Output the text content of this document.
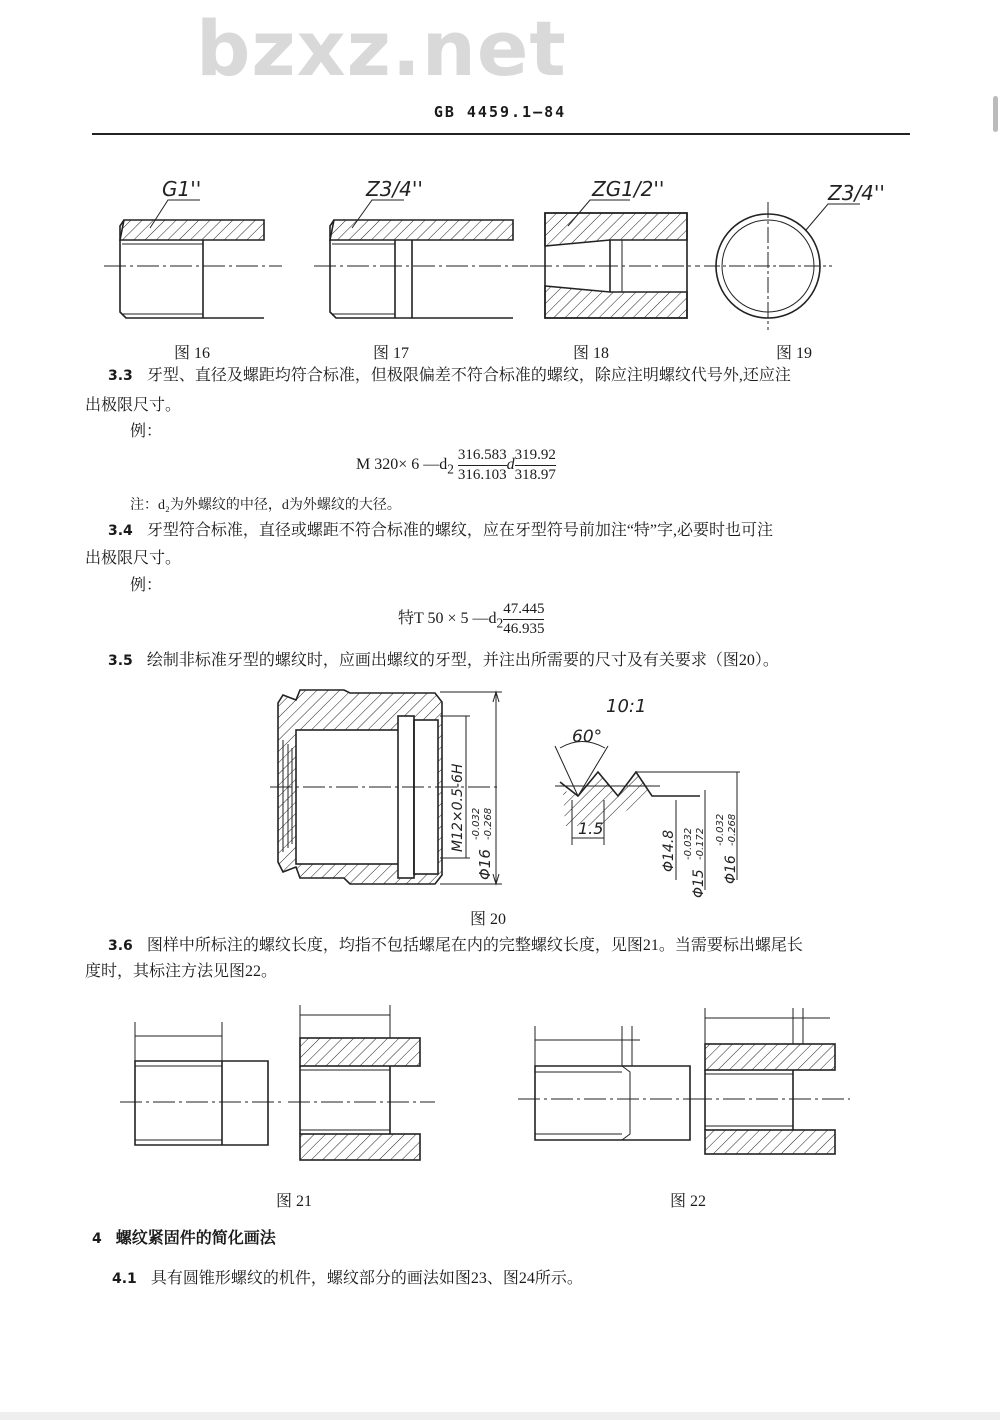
GB 4459.1—84
bzxz.net
G1''	Z3/4''	ZG1/2''	Z3/4''
10:1
60°
1.5
M12×0.5-6H
Φ16
-0.032 -0.268
Φ14.8
Φ15
-0.032 -0.172
Φ16
-0.032 -0.268
图 16	图 17	图 18	图 19
3.3 牙型、直径及螺距均符合标准，但极限偏差不符合标准的螺纹，除应注明螺纹代号外,还应注
出极限尺寸。
例：
M 320× 6 $—d_2 \frac{316.583}{316.103}$ d $\frac{319.92}{318.97}$
注：d₂为外螺纹的中径，d为外螺纹的大径。
3.4 牙型符合标准，直径或螺距不符合标准的螺纹，应在牙型符号前加注“特”字,必要时也可注
出极限尺寸。
例：
特T 50 × 5 $—d_2 \frac{47.445}{46.935}$
3.5 绘制非标准牙型的螺纹时，应画出螺纹的牙型，并注出所需要的尺寸及有关要求（图20）。
图 20
3.6 图样中所标注的螺纹长度，均指不包括螺尾在内的完整螺纹长度，见图21。当需要标出螺尾长
度时，其标注方法见图22。
图 21	图 22
4 螺纹紧固件的简化画法
4.1 具有圆锥形螺纹的机件，螺纹部分的画法如图23、图24所示。
